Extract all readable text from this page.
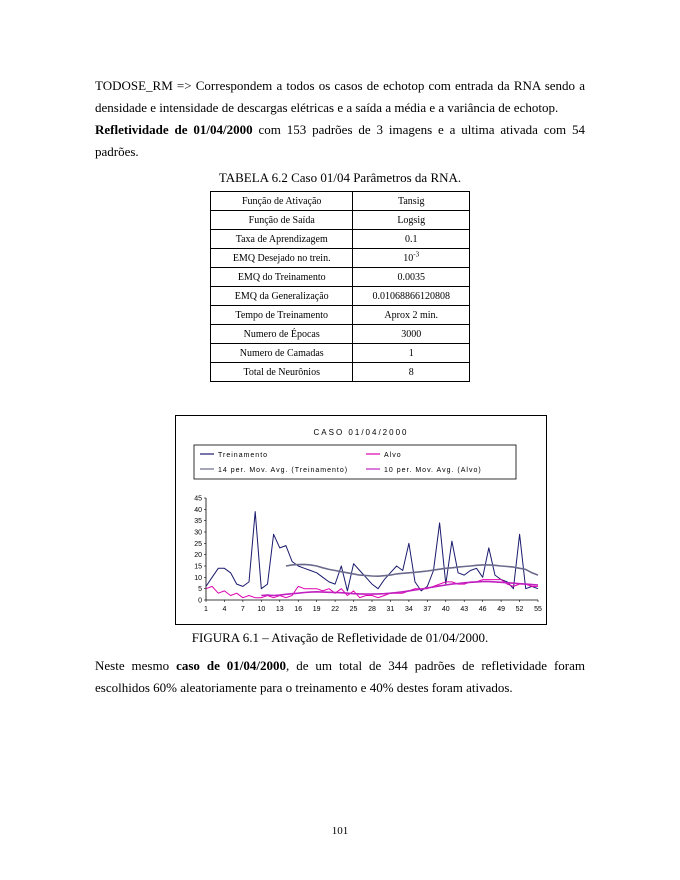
TODOSE_RM => Correspondem a todos os casos de echotop com entrada da RNA sendo a densidade e intensidade de descargas elétricas e a saída a média e a variância de echotop.
Refletividade de 01/04/2000 com 153 padrões de 3 imagens e a ultima ativada com 54 padrões.
TABELA 6.2 Caso 01/04 Parâmetros da RNA.
Função de Ativação	Tansig
Função de Saída	Logsig
Taxa de Aprendizagem	0.1
EMQ Desejado no trein.	$10^{-3}$
EMQ do Treinamento	0.0035
EMQ da Generalização	0.01068866120808
Tempo de Treinamento	Aprox 2 min.
Numero de Épocas	3000
Numero de Camadas	1
Total de Neurônios	8
CASO 01/04/2000
Treinamento	Alvo
14 per. Mov. Avg. (Treinamento)	10 per. Mov. Avg. (Alvo)
0
5
10
15
20
25
30
35
40
45
1 4 7 10 13 16 19 22 25 28 31 34 37 40 43 46 49 52 55
FIGURA 6.1 – Ativação de Refletividade de 01/04/2000.
Neste mesmo caso de 01/04/2000, de um total de 344 padrões de refletividade foram escolhidos 60% aleatoriamente para o treinamento e 40% destes foram ativados.
101
